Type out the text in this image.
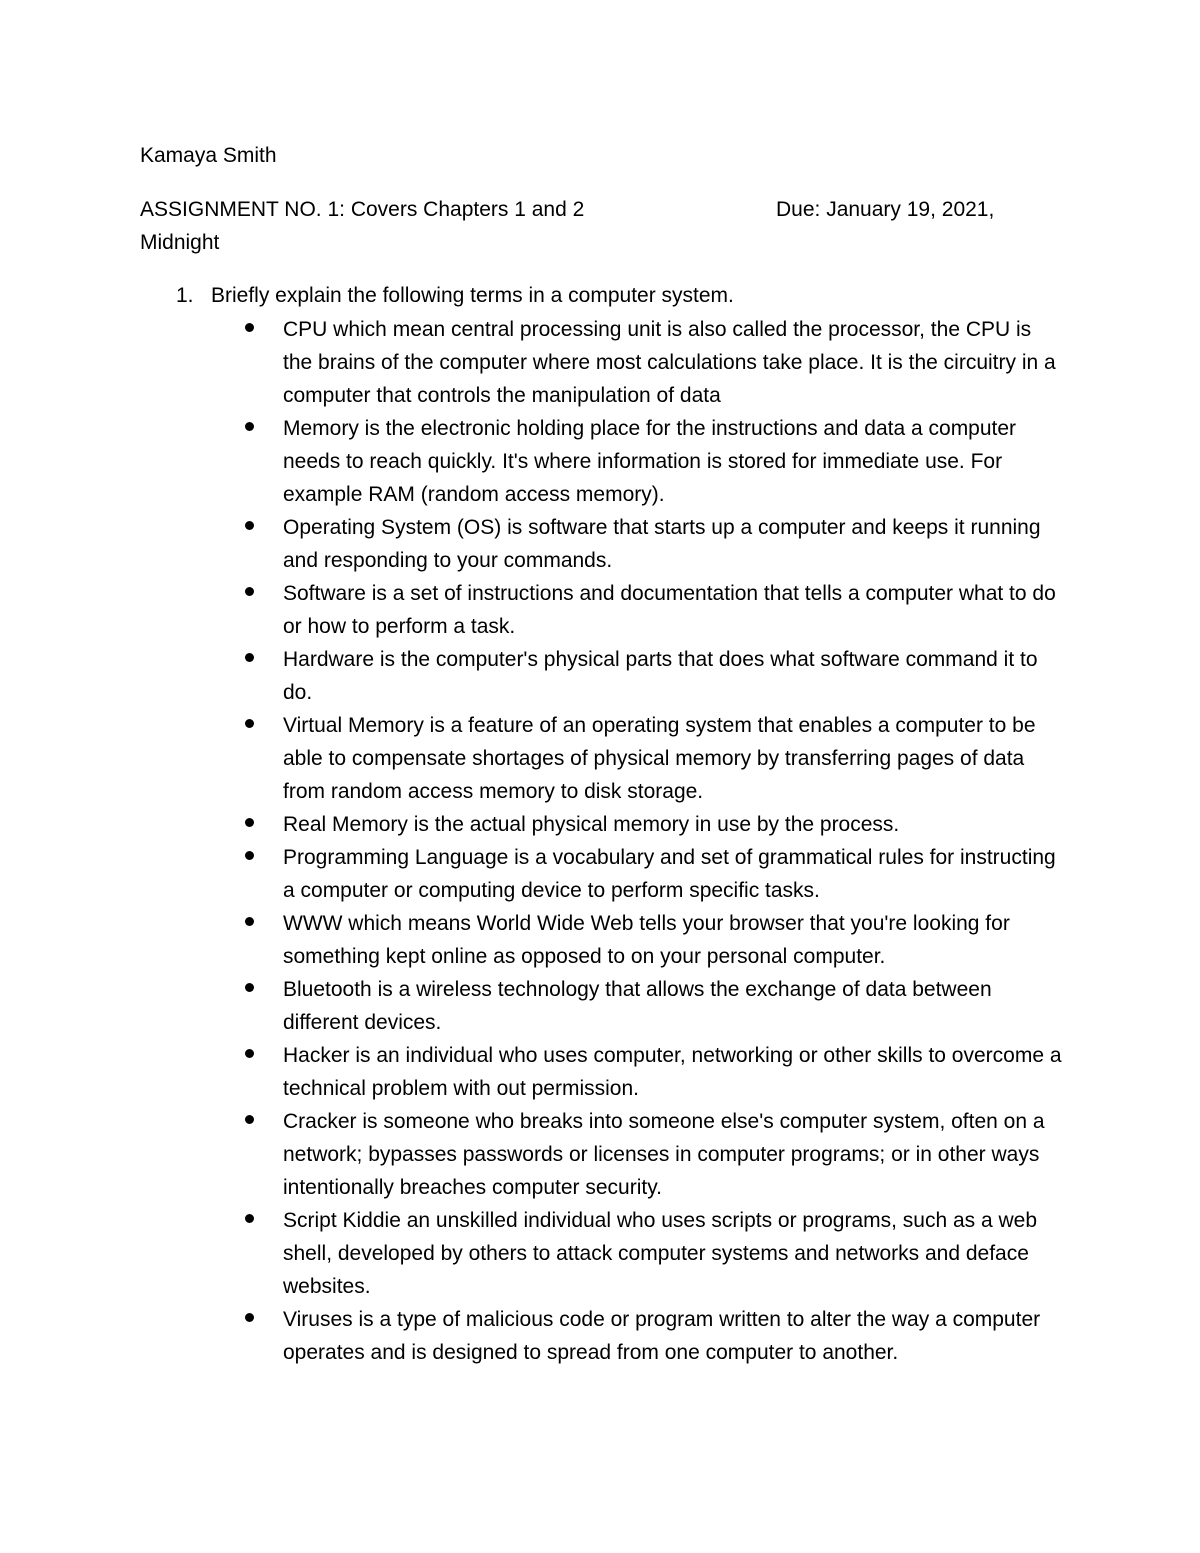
Kamaya Smith
ASSIGNMENT NO. 1: Covers Chapters 1 and 2	Due: January 19, 2021,
Midnight
1. Briefly explain the following terms in a computer system.
CPU which mean central processing unit is also called the processor, the CPU is the brains of the computer where most calculations take place. It is the circuitry in a computer that controls the manipulation of data
Memory is the electronic holding place for the instructions and data a computer needs to reach quickly. It's where information is stored for immediate use. For example RAM (random access memory).
Operating System (OS) is software that starts up a computer and keeps it running and responding to your commands.
Software is a set of instructions and documentation that tells a computer what to do or how to perform a task.
Hardware is the computer's physical parts that does what software command it to do.
Virtual Memory is a feature of an operating system that enables a computer to be able to compensate shortages of physical memory by transferring pages of data from random access memory to disk storage.
Real Memory is the actual physical memory in use by the process.
Programming Language is a vocabulary and set of grammatical rules for instructing a computer or computing device to perform specific tasks.
WWW which means World Wide Web tells your browser that you're looking for something kept online as opposed to on your personal computer.
Bluetooth is a wireless technology that allows the exchange of data between different devices.
Hacker is an individual who uses computer, networking or other skills to overcome a technical problem with out permission.
Cracker is someone who breaks into someone else's computer system, often on a network; bypasses passwords or licenses in computer programs; or in other ways intentionally breaches computer security.
Script Kiddie an unskilled individual who uses scripts or programs, such as a web shell, developed by others to attack computer systems and networks and deface websites.
Viruses is a type of malicious code or program written to alter the way a computer operates and is designed to spread from one computer to another.
